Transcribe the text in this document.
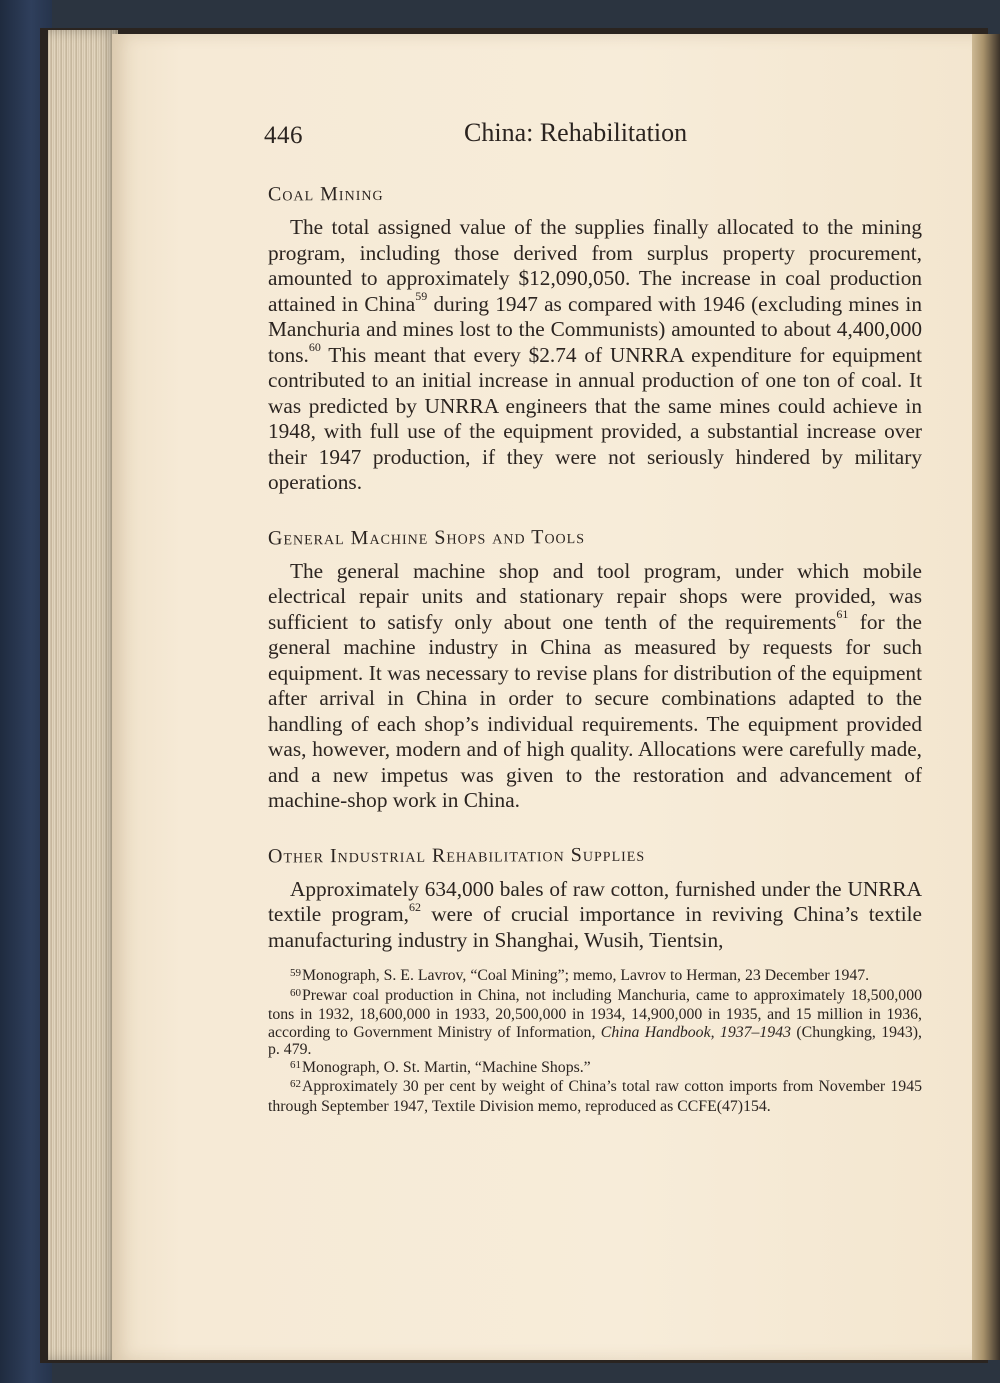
446	China: Rehabilitation
Coal Mining

The total assigned value of the supplies finally allocated to the mining program, including those derived from surplus property procurement, amounted to approximately $12,090,050. The increase in coal production attained in China$^{59}$ during 1947 as compared with 1946 (excluding mines in Manchuria and mines lost to the Communists) amounted to about 4,400,000 tons.$^{60}$ This meant that every $2.74 of UNRRA expenditure for equipment contributed to an initial increase in annual production of one ton of coal. It was predicted by UNRRA engineers that the same mines could achieve in 1948, with full use of the equipment provided, a substantial increase over their 1947 production, if they were not seriously hindered by military operations.

General Machine Shops and Tools

The general machine shop and tool program, under which mobile electrical repair units and stationary repair shops were provided, was sufficient to satisfy only about one tenth of the requirements$^{61}$ for the general machine industry in China as measured by requests for such equipment. It was necessary to revise plans for distribution of the equipment after arrival in China in order to secure combinations adapted to the handling of each shop’s individual requirements. The equipment provided was, however, modern and of high quality. Allocations were carefully made, and a new impetus was given to the restoration and advancement of machine-shop work in China.

Other Industrial Rehabilitation Supplies

Approximately 634,000 bales of raw cotton, furnished under the UNRRA textile program,$^{62}$ were of crucial importance in reviving China’s textile manufacturing industry in Shanghai, Wusih, Tientsin,

$^{59}$Monograph, S. E. Lavrov, “Coal Mining”; memo, Lavrov to Herman, 23 December 1947.

$^{60}$Prewar coal production in China, not including Manchuria, came to approximately 18,500,000 tons in 1932, 18,600,000 in 1933, 20,500,000 in 1934, 14,900,000 in 1935, and 15 million in 1936, according to Government Ministry of Information, China Handbook, 1937–1943 (Chungking, 1943), p. 479.

$^{61}$Monograph, O. St. Martin, “Machine Shops.”

$^{62}$Approximately 30 per cent by weight of China’s total raw cotton imports from November 1945 through September 1947, Textile Division memo, reproduced as CCFE(47)154.
